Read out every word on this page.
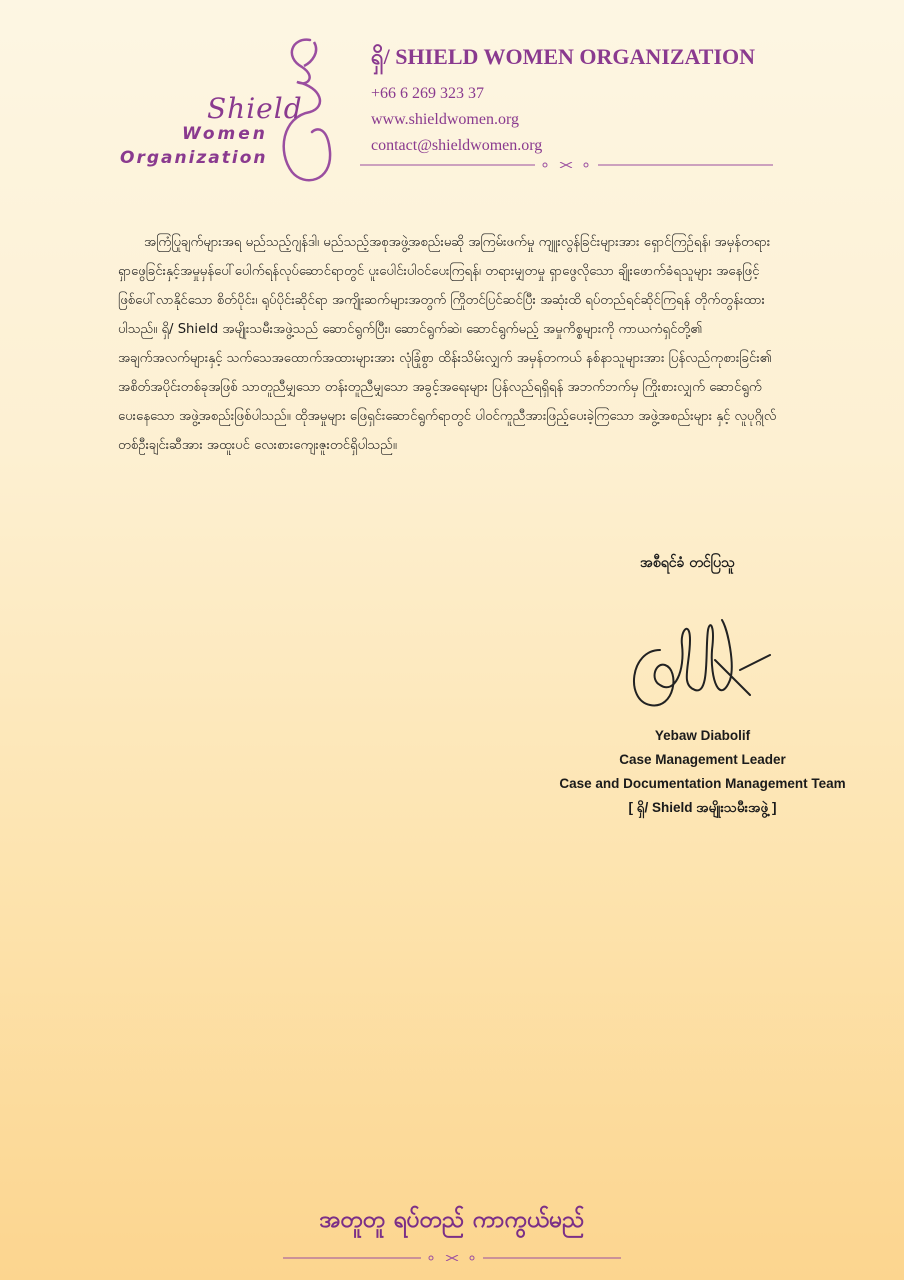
Shield
Women
Organization
ရှိ/ SHIELD WOMEN ORGANIZATION
+66 6 269 323 37
www.shieldwomen.org
contact@shieldwomen.org

အကြံပြုချက်များအရ မည်သည့်ဂျန်ဒါ၊ မည်သည့်အစုအဖွဲ့အစည်းမဆို အကြမ်းဖက်မှု ကျူးလွန်ခြင်းများအား ရှောင်ကြဉ်ရန်၊ အမှန်တရားရှာဖွေခြင်းနှင့်အမှုမှန်ပေါ်ပေါက်ရန်လုပ်ဆောင်ရာတွင် ပူးပေါင်းပါဝင်ပေးကြရန်၊ တရားမျှတမှု ရှာဖွေလိုသော ချိုးဖောက်ခံရသူများ အနေဖြင့် ဖြစ်ပေါ်လာနိုင်သော စိတ်ပိုင်း၊ ရုပ်ပိုင်းဆိုင်ရာ အကျိုးဆက်များအတွက် ကြိုတင်ပြင်ဆင်ပြီး အဆုံးထိ ရပ်တည်ရင်ဆိုင်ကြရန် တိုက်တွန်းထားပါသည်။ ရှိ/ Shield အမျိုးသမီးအဖွဲ့သည် ဆောင်ရွက်ပြီး၊ ဆောင်ရွက်ဆဲ၊ ဆောင်ရွက်မည့် အမှုကိစ္စများကို ကာယကံရှင်တို့၏ အချက်အလက်များနှင့် သက်သေအထောက်အထားများအား လုံခြုံစွာ ထိန်းသိမ်းလျှက် အမှန်တကယ် နစ်နာသူများအား ပြန်လည်ကုစားခြင်း၏ အစိတ်အပိုင်းတစ်ခုအဖြစ် သာတူညီမျှသော တန်းတူညီမျှသော အခွင့်အရေးများ ပြန်လည်ရရှိရန် အဘက်ဘက်မှ ကြိုးစားလျှက် ဆောင်ရွက်ပေးနေသော အဖွဲ့အစည်းဖြစ်ပါသည်။ ထိုအမှုများ ဖြေရှင်းဆောင်ရွက်ရာတွင် ပါဝင်ကူညီအားဖြည့်ပေးခဲ့ကြသော အဖွဲ့အစည်းများ နှင့် လူပုဂ္ဂိုလ် တစ်ဦးချင်းဆီအား အထူးပင် လေးစားကျေးဇူးတင်ရှိပါသည်။

အစီရင်ခံ တင်ပြသူ
Yebaw Diabolif
Case Management Leader
Case and Documentation Management Team
[ ရှိ/ Shield အမျိုးသမီးအဖွဲ့ ]
အတူတူ ရပ်တည် ကာကွယ်မည်
